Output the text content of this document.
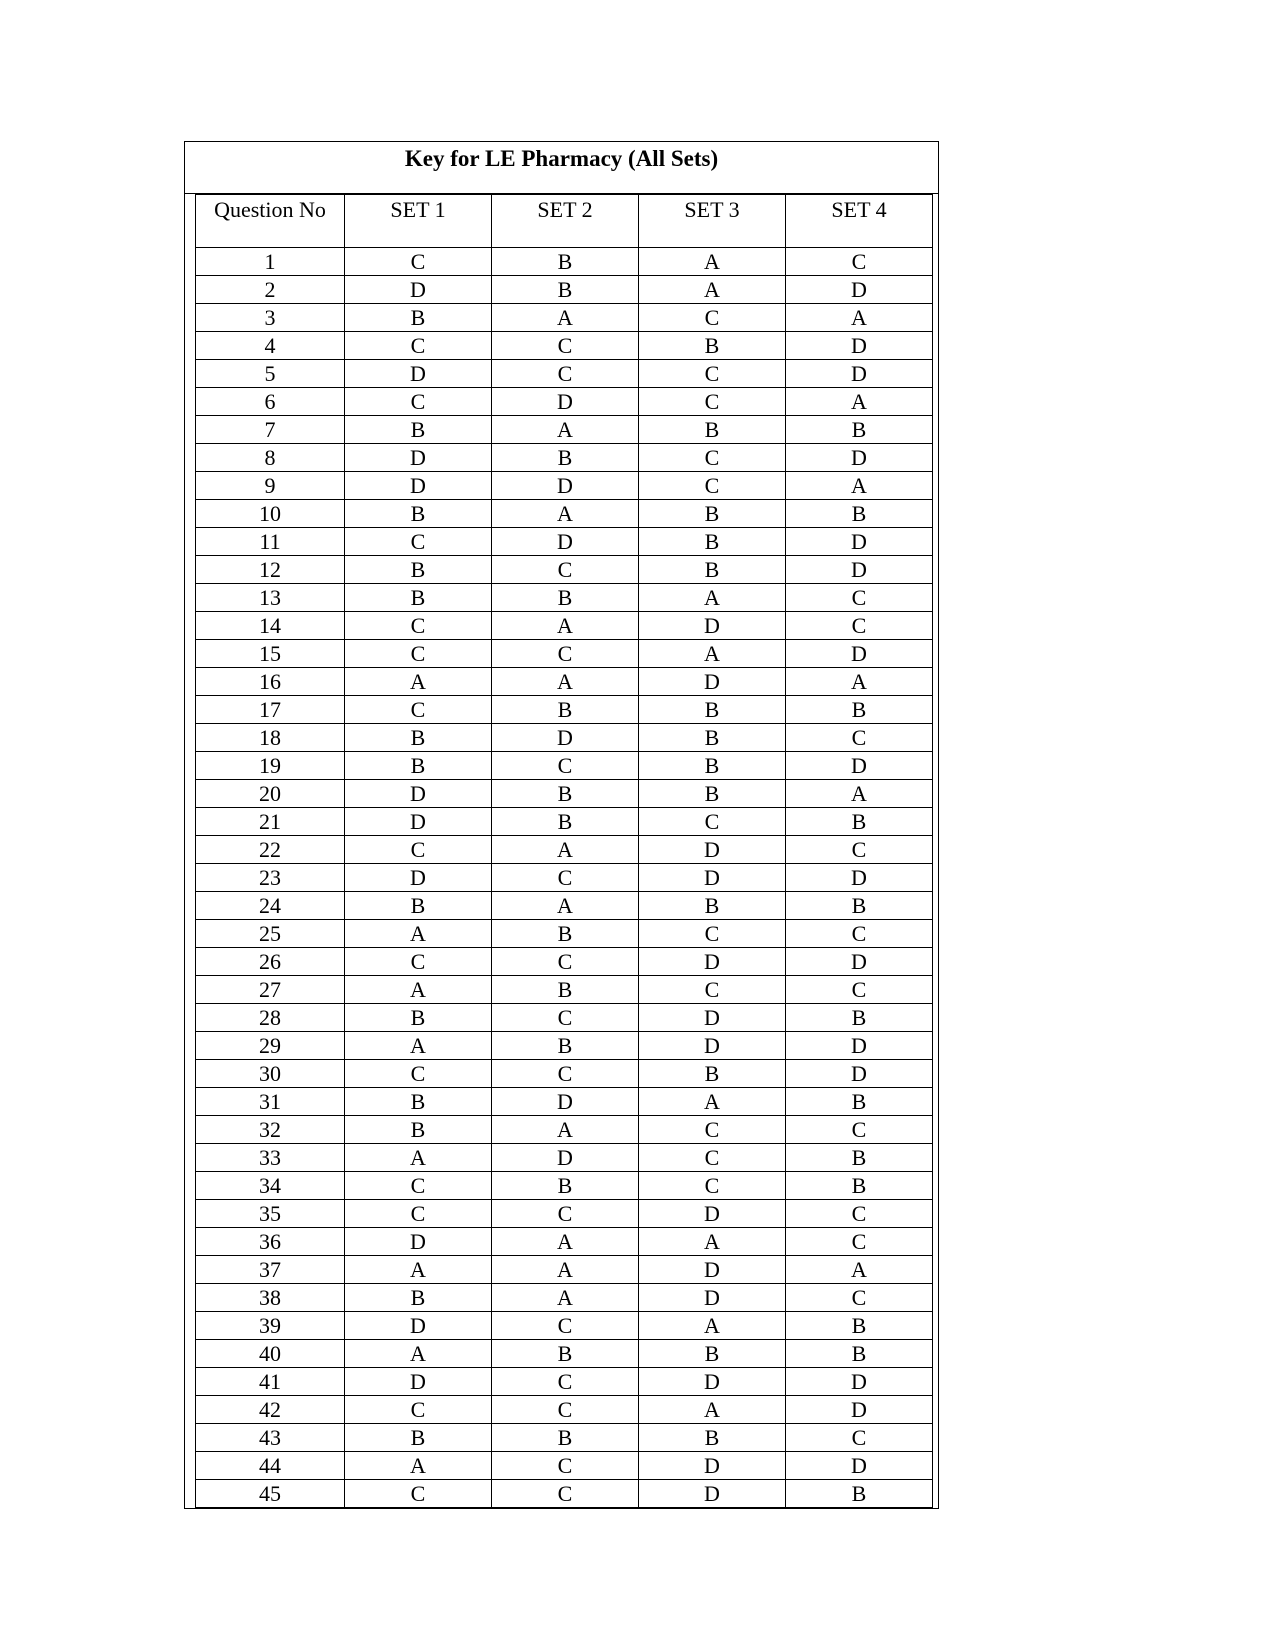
Key for LE Pharmacy (All Sets)
Question No	SET 1	SET 2	SET 3	SET 4
1	C	B	A	C
2	D	B	A	D
3	B	A	C	A
4	C	C	B	D
5	D	C	C	D
6	C	D	C	A
7	B	A	B	B
8	D	B	C	D
9	D	D	C	A
10	B	A	B	B
11	C	D	B	D
12	B	C	B	D
13	B	B	A	C
14	C	A	D	C
15	C	C	A	D
16	A	A	D	A
17	C	B	B	B
18	B	D	B	C
19	B	C	B	D
20	D	B	B	A
21	D	B	C	B
22	C	A	D	C
23	D	C	D	D
24	B	A	B	B
25	A	B	C	C
26	C	C	D	D
27	A	B	C	C
28	B	C	D	B
29	A	B	D	D
30	C	C	B	D
31	B	D	A	B
32	B	A	C	C
33	A	D	C	B
34	C	B	C	B
35	C	C	D	C
36	D	A	A	C
37	A	A	D	A
38	B	A	D	C
39	D	C	A	B
40	A	B	B	B
41	D	C	D	D
42	C	C	A	D
43	B	B	B	C
44	A	C	D	D
45	C	C	D	B
